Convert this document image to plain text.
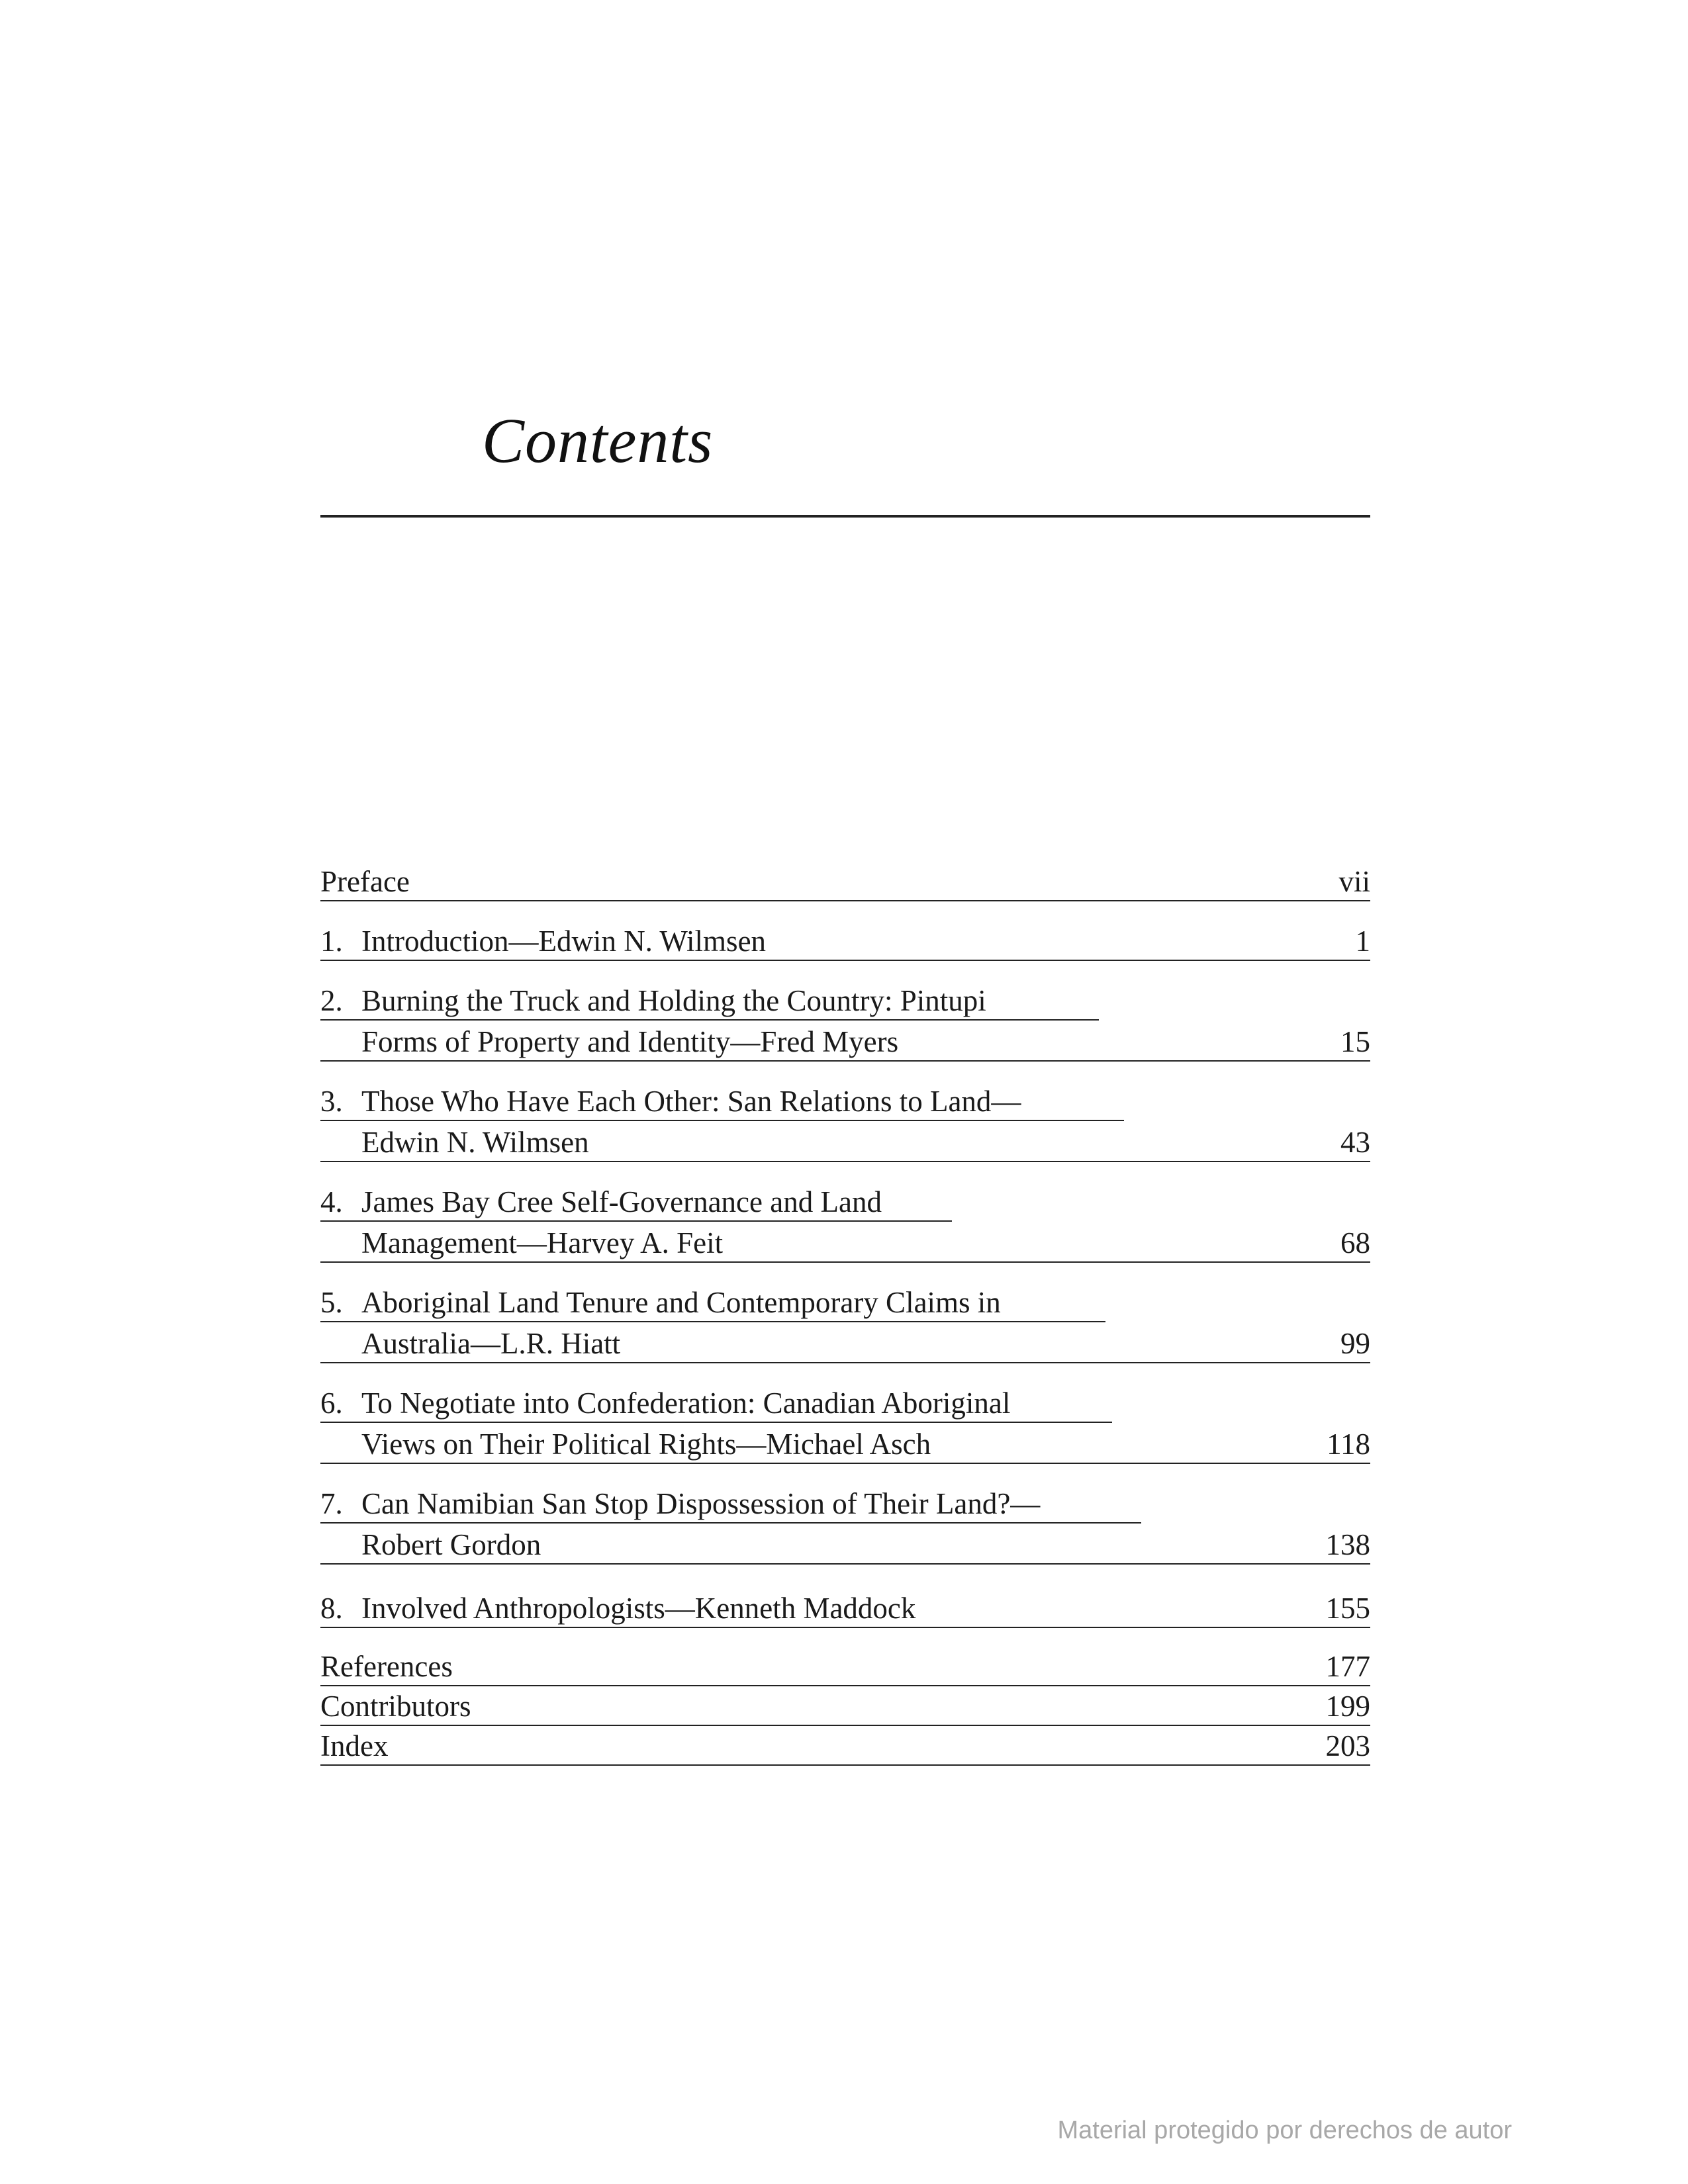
Contents
Preface	vii
1. Introduction—Edwin N. Wilmsen	1
2. Burning the Truck and Holding the Country: Pintupi
Forms of Property and Identity—Fred Myers	15
3. Those Who Have Each Other: San Relations to Land—
Edwin N. Wilmsen	43
4. James Bay Cree Self-Governance and Land
Management—Harvey A. Feit	68
5. Aboriginal Land Tenure and Contemporary Claims in
Australia—L.R. Hiatt	99
6. To Negotiate into Confederation: Canadian Aboriginal
Views on Their Political Rights—Michael Asch	118
7. Can Namibian San Stop Dispossession of Their Land?—
Robert Gordon	138
8. Involved Anthropologists—Kenneth Maddock	155
References	177
Contributors	199
Index	203
Material protegido por derechos de autor
